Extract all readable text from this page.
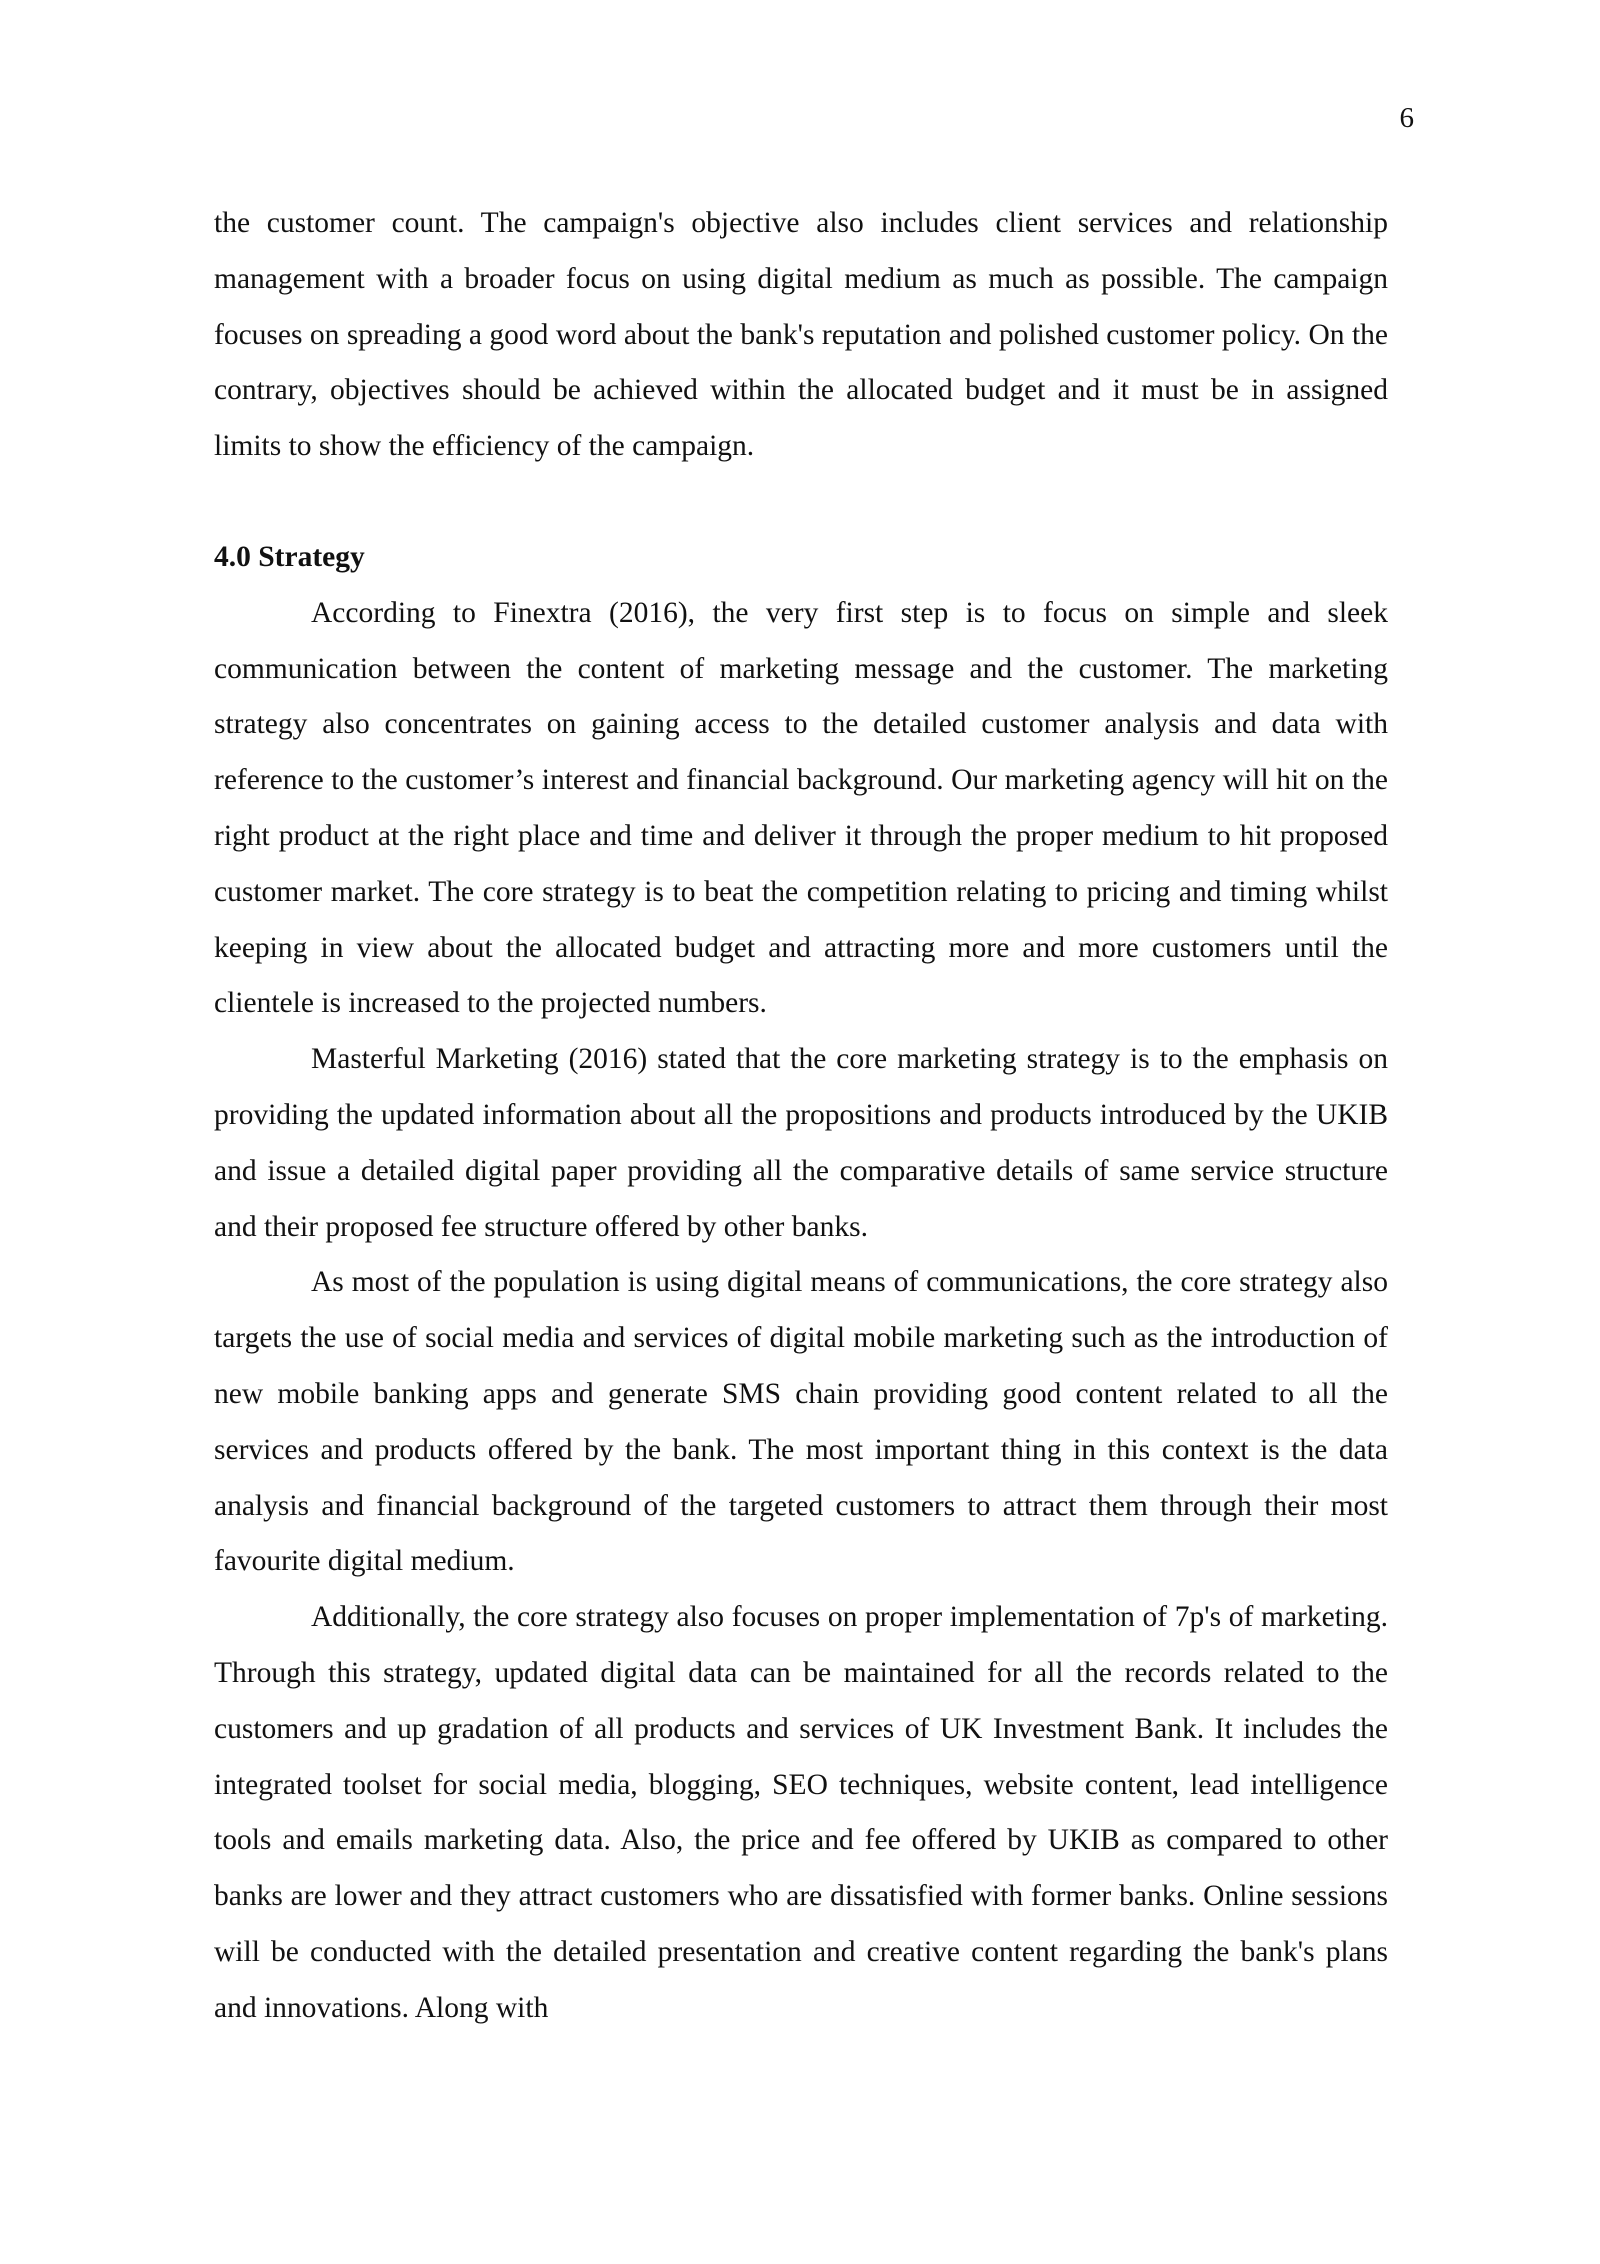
6

the customer count. The campaign's objective also includes client services and relationship management with a broader focus on using digital medium as much as possible. The campaign focuses on spreading a good word about the bank's reputation and polished customer policy. On the contrary, objectives should be achieved within the allocated budget and it must be in assigned limits to show the efficiency of the campaign.

4.0 Strategy

According to Finextra (2016), the very first step is to focus on simple and sleek communication between the content of marketing message and the customer. The marketing strategy also concentrates on gaining access to the detailed customer analysis and data with reference to the customer’s interest and financial background. Our marketing agency will hit on the right product at the right place and time and deliver it through the proper medium to hit proposed customer market. The core strategy is to beat the competition relating to pricing and timing whilst keeping in view about the allocated budget and attracting more and more customers until the clientele is increased to the projected numbers.

Masterful Marketing (2016) stated that the core marketing strategy is to the emphasis on providing the updated information about all the propositions and products introduced by the UKIB and issue a detailed digital paper providing all the comparative details of same service structure and their proposed fee structure offered by other banks.

As most of the population is using digital means of communications, the core strategy also targets the use of social media and services of digital mobile marketing such as the introduction of new mobile banking apps and generate SMS chain providing good content related to all the services and products offered by the bank. The most important thing in this context is the data analysis and financial background of the targeted customers to attract them through their most favourite digital medium.

Additionally, the core strategy also focuses on proper implementation of 7p's of marketing. Through this strategy, updated digital data can be maintained for all the records related to the customers and up gradation of all products and services of UK Investment Bank. It includes the integrated toolset for social media, blogging, SEO techniques, website content, lead intelligence tools and emails marketing data. Also, the price and fee offered by UKIB as compared to other banks are lower and they attract customers who are dissatisfied with former banks. Online sessions will be conducted with the detailed presentation and creative content regarding the bank's plans and innovations. Along with
